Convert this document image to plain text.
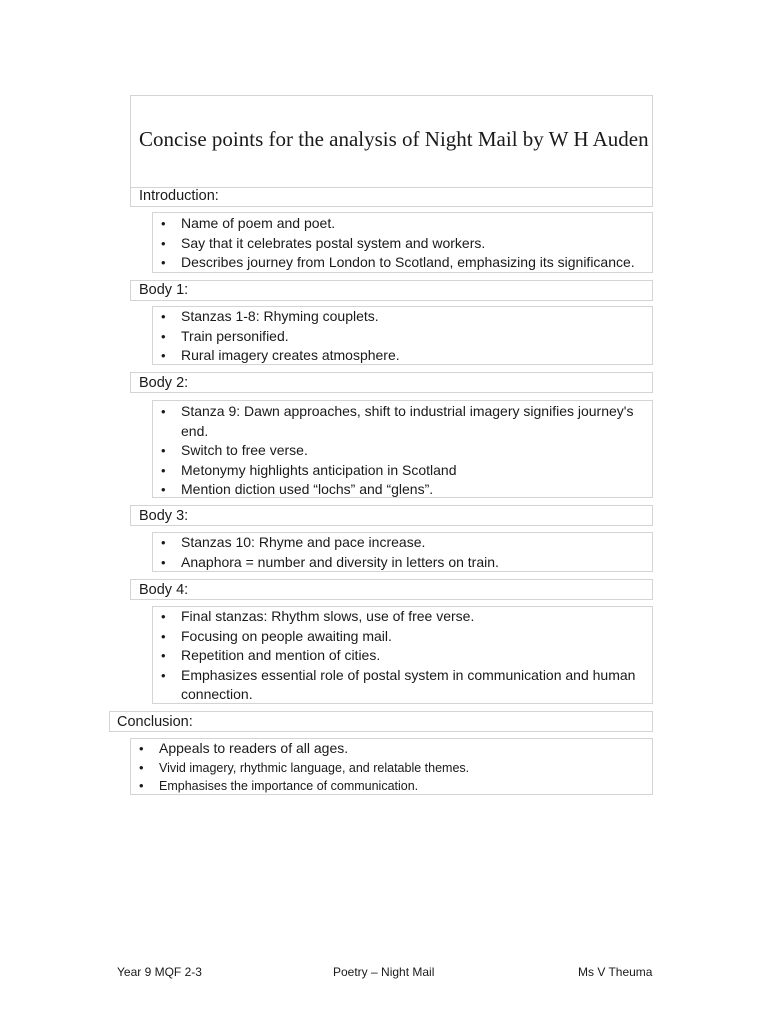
Concise points for the analysis of Night Mail by W H Auden
Introduction:
•	Name of poem and poet.
•	Say that it celebrates postal system and workers.
•	Describes journey from London to Scotland, emphasizing its significance.
Body 1:
•	Stanzas 1-8: Rhyming couplets.
•	Train personified.
•	Rural imagery creates atmosphere.
Body 2:
•	Stanza 9: Dawn approaches, shift to industrial imagery signifies journey's end.
•	Switch to free verse.
•	Metonymy highlights anticipation in Scotland
•	Mention diction used “lochs” and “glens”.
Body 3:
•	Stanzas 10: Rhyme and pace increase.
•	Anaphora = number and diversity in letters on train.
Body 4:
•	Final stanzas: Rhythm slows, use of free verse.
•	Focusing on people awaiting mail.
•	Repetition and mention of cities.
•	Emphasizes essential role of postal system in communication and human connection.
Conclusion:
•	Appeals to readers of all ages.
•	Vivid imagery, rhythmic language, and relatable themes.
•	Emphasises the importance of communication.
Year 9 MQF 2-3	Poetry – Night Mail	Ms V Theuma
